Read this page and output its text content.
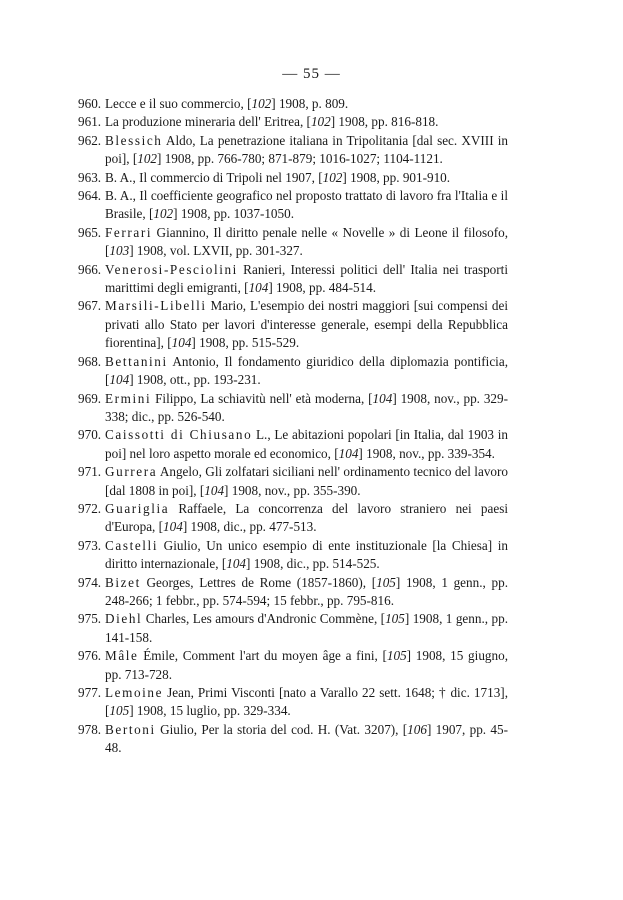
— 55 —
960. Lecce e il suo commercio, [102] 1908, p. 809.
961. La produzione mineraria dell' Eritrea, [102] 1908, pp. 816-818.
962. Blessich Aldo, La penetrazione italiana in Tripolitania [dal sec. XVIII in poi], [102] 1908, pp. 766-780; 871-879; 1016-1027; 1104-1121.
963. B. A., Il commercio di Tripoli nel 1907, [102] 1908, pp. 901-910.
964. B. A., Il coefficiente geografico nel proposto trattato di lavoro fra l'Italia e il Brasile, [102] 1908, pp. 1037-1050.
965. Ferrari Giannino, Il diritto penale nelle « Novelle » di Leone il filosofo, [103] 1908, vol. LXVII, pp. 301-327.
966. Venerosi-Pesciolini Ranieri, Interessi politici dell' Italia nei trasporti marittimi degli emigranti, [104] 1908, pp. 484-514.
967. Marsili-Libelli Mario, L'esempio dei nostri maggiori [sui compensi dei privati allo Stato per lavori d'interesse generale, esempi della Repubblica fiorentina], [104] 1908, pp. 515-529.
968. Bettanini Antonio, Il fondamento giuridico della diplomazia pontificia, [104] 1908, ott., pp. 193-231.
969. Ermini Filippo, La schiavitù nell' età moderna, [104] 1908, nov., pp. 329-338; dic., pp. 526-540.
970. Caissotti di Chiusano L., Le abitazioni popolari [in Italia, dal 1903 in poi] nel loro aspetto morale ed economico, [104] 1908, nov., pp. 339-354.
971. Gurrera Angelo, Gli zolfatari siciliani nell' ordinamento tecnico del lavoro [dal 1808 in poi], [104] 1908, nov., pp. 355-390.
972. Guariglia Raffaele, La concorrenza del lavoro straniero nei paesi d'Europa, [104] 1908, dic., pp. 477-513.
973. Castelli Giulio, Un unico esempio di ente instituzionale [la Chiesa] in diritto internazionale, [104] 1908, dic., pp. 514-525.
974. Bizet Georges, Lettres de Rome (1857-1860), [105] 1908, 1 genn., pp. 248-266; 1 febbr., pp. 574-594; 15 febbr., pp. 795-816.
975. Diehl Charles, Les amours d'Andronic Commène, [105] 1908, 1 genn., pp. 141-158.
976. Mâle Émile, Comment l'art du moyen âge a fini, [105] 1908, 15 giugno, pp. 713-728.
977. Lemoine Jean, Primi Visconti [nato a Varallo 22 sett. 1648; † dic. 1713], [105] 1908, 15 luglio, pp. 329-334.
978. Bertoni Giulio, Per la storia del cod. H. (Vat. 3207), [106] 1907, pp. 45-48.
